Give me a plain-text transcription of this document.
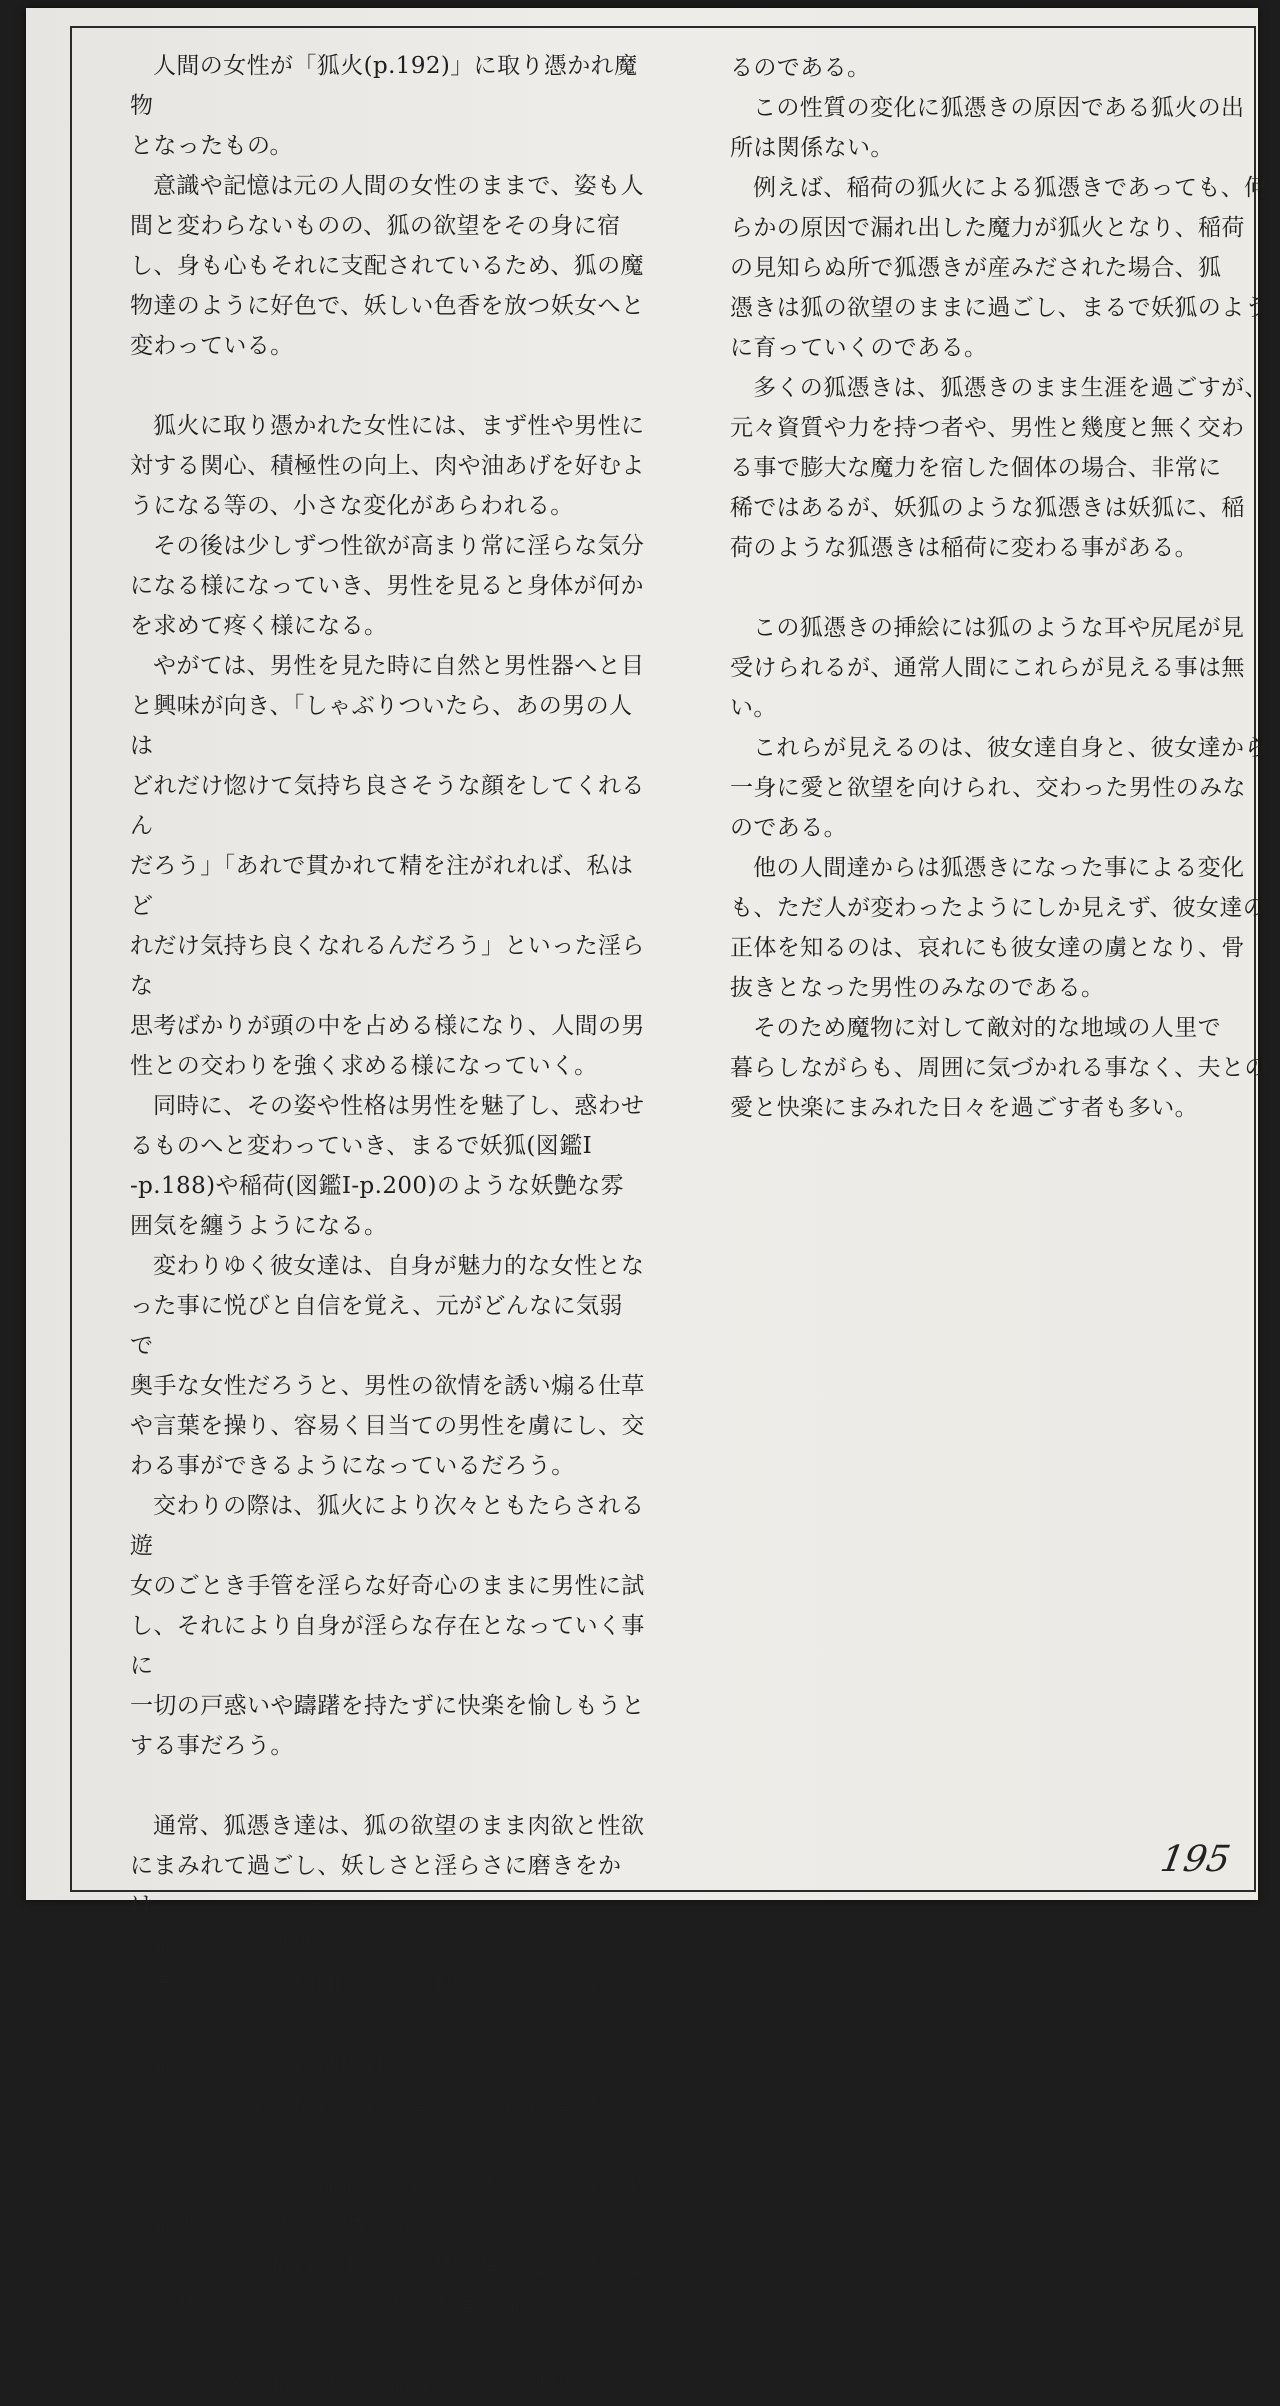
人間の女性が「狐火(p.192)」に取り憑かれ魔物
となったもの。

意識や記憶は元の人間の女性のままで、姿も人
間と変わらないものの、狐の欲望をその身に宿
し、身も心もそれに支配されているため、狐の魔
物達のように好色で、妖しい色香を放つ妖女へと
変わっている。

狐火に取り憑かれた女性には、まず性や男性に
対する関心、積極性の向上、肉や油あげを好むよ
うになる等の、小さな変化があらわれる。

その後は少しずつ性欲が高まり常に淫らな気分
になる様になっていき、男性を見ると身体が何か
を求めて疼く様になる。

やがては、男性を見た時に自然と男性器へと目
と興味が向き、「しゃぶりついたら、あの男の人は
どれだけ惚けて気持ち良さそうな顔をしてくれるん
だろう」「あれで貫かれて精を注がれれば、私はど
れだけ気持ち良くなれるんだろう」といった淫らな
思考ばかりが頭の中を占める様になり、人間の男
性との交わりを強く求める様になっていく。

同時に、その姿や性格は男性を魅了し、惑わせ
るものへと変わっていき、まるで妖狐(図鑑Ⅰ
-p.188)や稲荷(図鑑Ⅰ-p.200)のような妖艶な雰
囲気を纏うようになる。

変わりゆく彼女達は、自身が魅力的な女性とな
った事に悦びと自信を覚え、元がどんなに気弱で
奥手な女性だろうと、男性の欲情を誘い煽る仕草
や言葉を操り、容易く目当ての男性を虜にし、交
わる事ができるようになっているだろう。

交わりの際は、狐火により次々ともたらされる遊
女のごとき手管を淫らな好奇心のままに男性に試
し、それにより自身が淫らな存在となっていく事に
一切の戸惑いや躊躇を持たずに快楽を愉しもうと
する事だろう。

通常、狐憑き達は、狐の欲望のまま肉欲と性欲
にまみれて過ごし、妖しさと淫らさに磨きをかけ、
妖狐のような狐憑きとなる。

高位の妖狐の周囲にはこの様な狐憑きが溢れ、
妖狐の産み出す酒池肉林の一部となっている。

その一方で、稲荷を神と崇める「稲荷信仰」の巫
女が、神とされる稲荷へと近づくため、稲荷の手
で狐憑きへと変わる場合がある。

この場合、稲荷の手により狐の魔力と欲望が心
身に馴染むよう丁寧な調教と教育が施され、淑女
と娼婦の顔を併せ持った稲荷のような狐憑きとな

るのである。

この性質の変化に狐憑きの原因である狐火の出
所は関係ない。

例えば、稲荷の狐火による狐憑きであっても、何
らかの原因で漏れ出した魔力が狐火となり、稲荷
の見知らぬ所で狐憑きが産みだされた場合、狐
憑きは狐の欲望のままに過ごし、まるで妖狐のよう
に育っていくのである。

多くの狐憑きは、狐憑きのまま生涯を過ごすが、
元々資質や力を持つ者や、男性と幾度と無く交わ
る事で膨大な魔力を宿した個体の場合、非常に
稀ではあるが、妖狐のような狐憑きは妖狐に、稲
荷のような狐憑きは稲荷に変わる事がある。

この狐憑きの挿絵には狐のような耳や尻尾が見
受けられるが、通常人間にこれらが見える事は無
い。

これらが見えるのは、彼女達自身と、彼女達から
一身に愛と欲望を向けられ、交わった男性のみな
のである。

他の人間達からは狐憑きになった事による変化
も、ただ人が変わったようにしか見えず、彼女達の
正体を知るのは、哀れにも彼女達の虜となり、骨
抜きとなった男性のみなのである。

そのため魔物に対して敵対的な地域の人里で
暮らしながらも、周囲に気づかれる事なく、夫との
愛と快楽にまみれた日々を過ごす者も多い。

195
